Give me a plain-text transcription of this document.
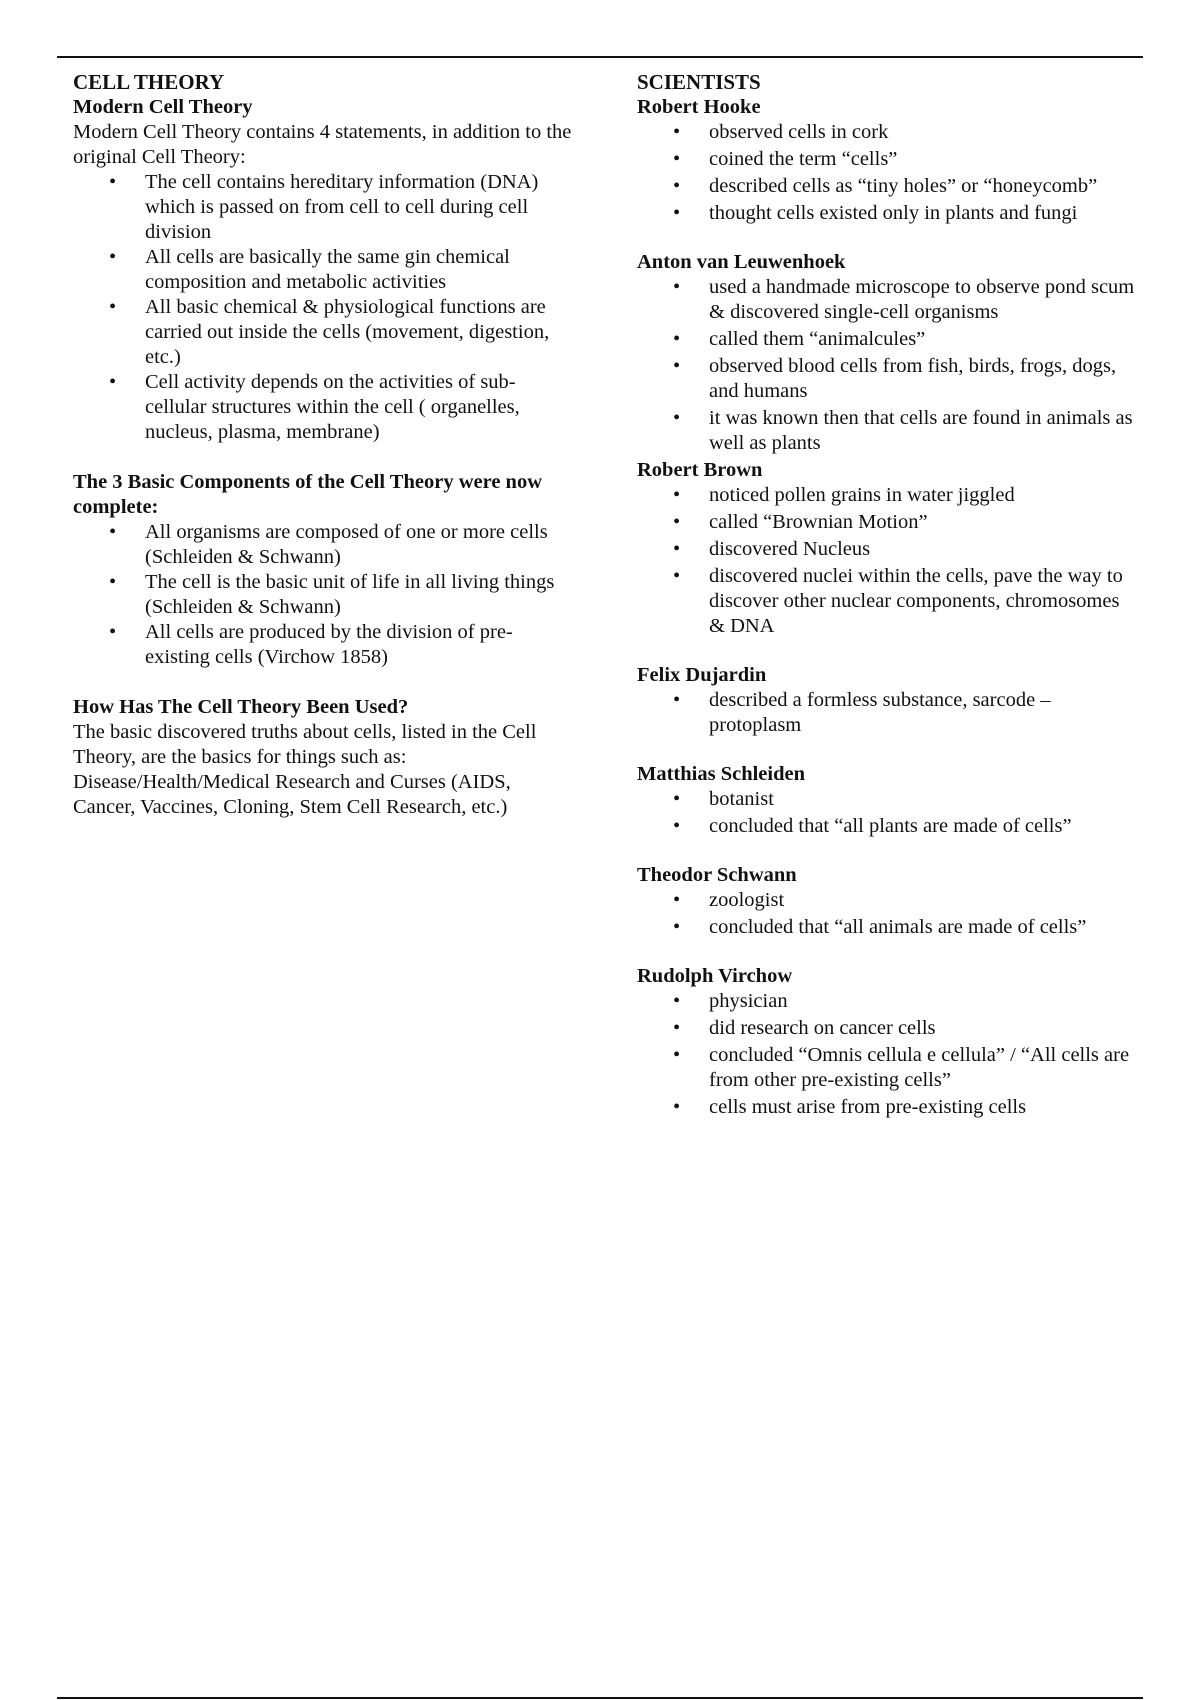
CELL THEORY
Modern Cell Theory

Modern Cell Theory contains 4 statements, in addition to the original Cell Theory:

• The cell contains hereditary information (DNA) which is passed on from cell to cell during cell division
• All cells are basically the same gin chemical composition and metabolic activities
• All basic chemical & physiological functions are carried out inside the cells (movement, digestion, etc.)
• Cell activity depends on the activities of sub-cellular structures within the cell ( organelles, nucleus, plasma, membrane)
The 3 Basic Components of the Cell Theory were now complete:
• All organisms are composed of one or more cells (Schleiden & Schwann)
• The cell is the basic unit of life in all living things (Schleiden & Schwann)
• All cells are produced by the division of pre-existing cells (Virchow 1858)
How Has The Cell Theory Been Used?

The basic discovered truths about cells, listed in the Cell Theory, are the basics for things such as: Disease/Health/Medical Research and Curses (AIDS, Cancer, Vaccines, Cloning, Stem Cell Research, etc.)

SCIENTISTS
Robert Hooke
• observed cells in cork
• coined the term “cells”
• described cells as “tiny holes” or “honeycomb”
• thought cells existed only in plants and fungi
Anton van Leuwenhoek
• used a handmade microscope to observe pond scum & discovered single-cell organisms
• called them “animalcules”
• observed blood cells from fish, birds, frogs, dogs, and humans
• it was known then that cells are found in animals as well as plants
Robert Brown
• noticed pollen grains in water jiggled
• called “Brownian Motion”
• discovered Nucleus
• discovered nuclei within the cells, pave the way to discover other nuclear components, chromosomes & DNA
Felix Dujardin
• described a formless substance, sarcode – protoplasm
Matthias Schleiden
• botanist
• concluded that “all plants are made of cells”
Theodor Schwann
• zoologist
• concluded that “all animals are made of cells”
Rudolph Virchow
• physician
• did research on cancer cells
• concluded “Omnis cellula e cellula” / “All cells are from other pre-existing cells”
• cells must arise from pre-existing cells
